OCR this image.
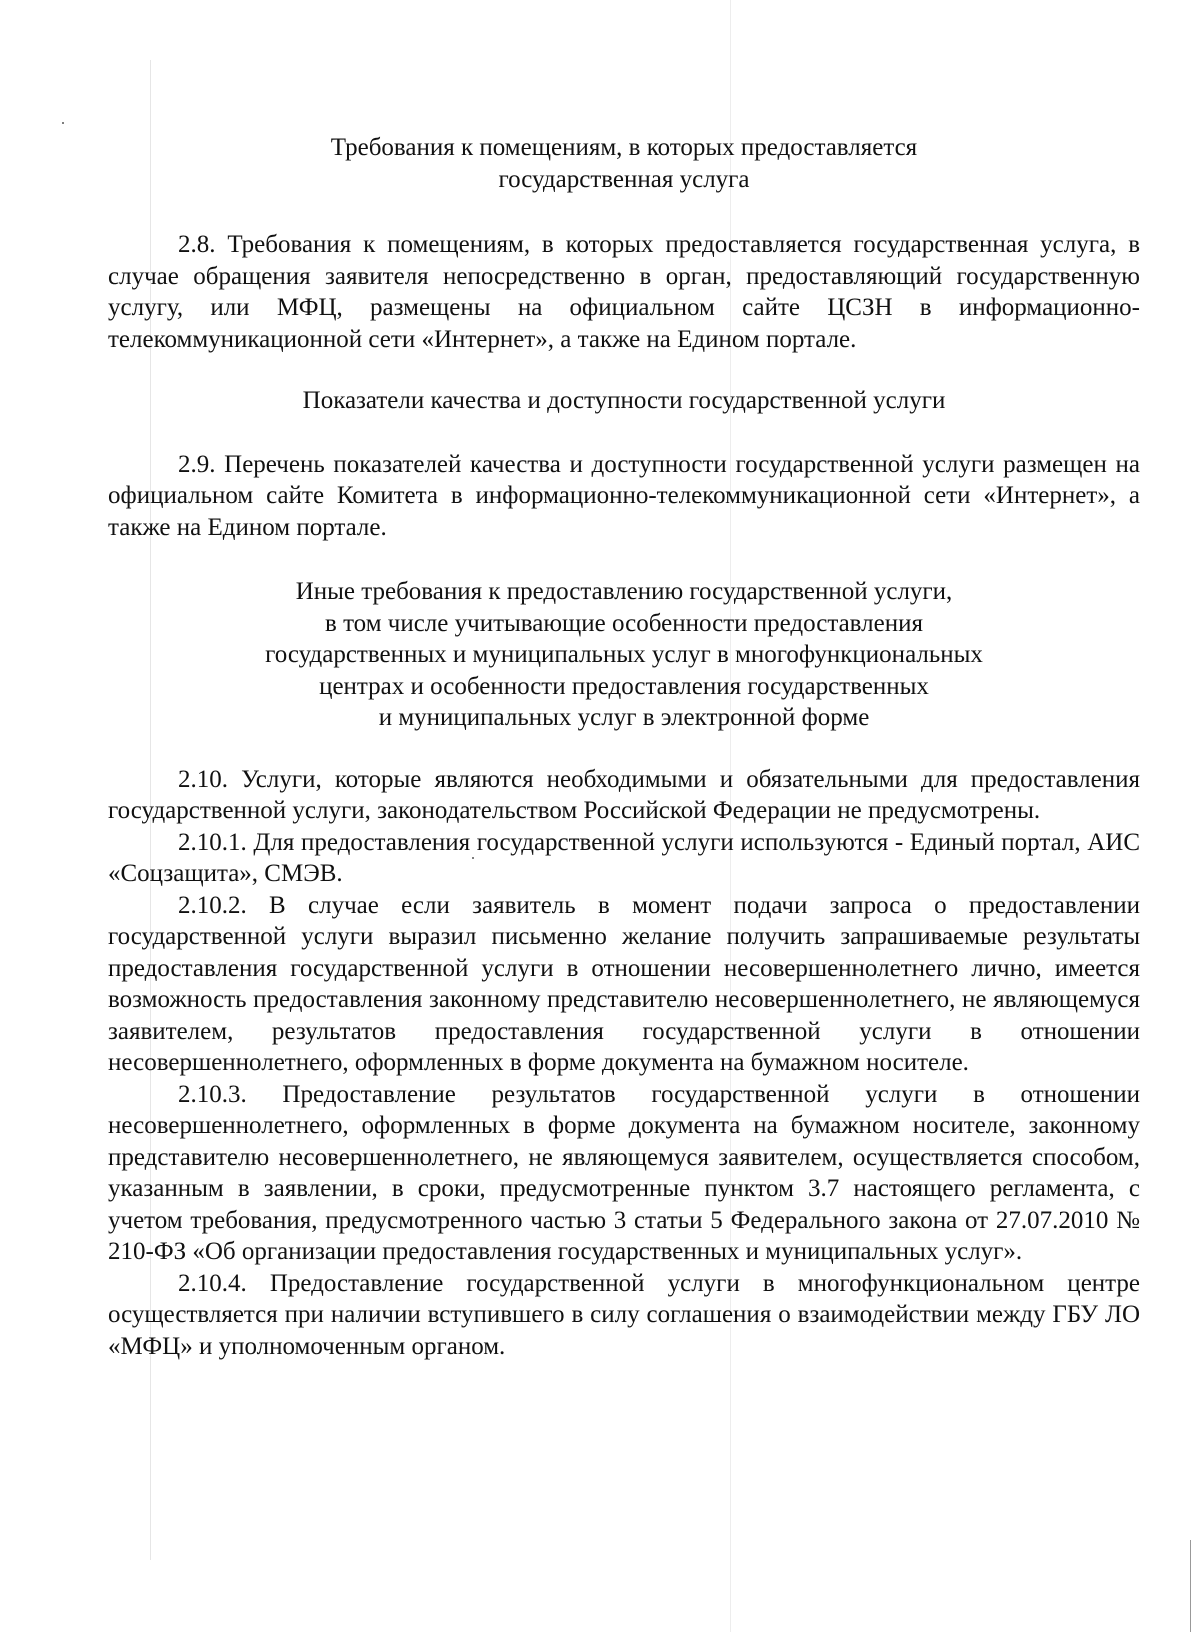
Требования к помещениям, в которых предоставляется
государственная услуга

2.8. Требования к помещениям, в которых предоставляется государственная услуга, в случае обращения заявителя непосредственно в орган, предоставляющий государственную услугу, или МФЦ, размещены на официальном сайте ЦСЗН в информационно-телекоммуникационной сети «Интернет», а также на Едином портале.

Показатели качества и доступности государственной услуги

2.9. Перечень показателей качества и доступности государственной услуги размещен на официальном сайте Комитета в информационно-телекоммуникационной сети «Интернет», а также на Едином портале.

Иные требования к предоставлению государственной услуги,
в том числе учитывающие особенности предоставления
государственных и муниципальных услуг в многофункциональных
центрах и особенности предоставления государственных
и муниципальных услуг в электронной форме

2.10. Услуги, которые являются необходимыми и обязательными для предоставления государственной услуги, законодательством Российской Федерации не предусмотрены.

2.10.1. Для предоставления государственной услуги используются - Единый портал, АИС «Соцзащита», СМЭВ.

2.10.2. В случае если заявитель в момент подачи запроса о предоставлении государственной услуги выразил письменно желание получить запрашиваемые результаты предоставления государственной услуги в отношении несовершеннолетнего лично, имеется возможность предоставления законному представителю несовершеннолетнего, не являющемуся заявителем, результатов предоставления государственной услуги в отношении несовершеннолетнего, оформленных в форме документа на бумажном носителе.

2.10.3. Предоставление результатов государственной услуги в отношении несовершеннолетнего, оформленных в форме документа на бумажном носителе, законному представителю несовершеннолетнего, не являющемуся заявителем, осуществляется способом, указанным в заявлении, в сроки, предусмотренные пунктом 3.7 настоящего регламента, с учетом требования, предусмотренного частью 3 статьи 5 Федерального закона от 27.07.2010 № 210-ФЗ «Об организации предоставления государственных и муниципальных услуг».

2.10.4. Предоставление государственной услуги в многофункциональном центре осуществляется при наличии вступившего в силу соглашения о взаимодействии между ГБУ ЛО «МФЦ» и уполномоченным органом.
